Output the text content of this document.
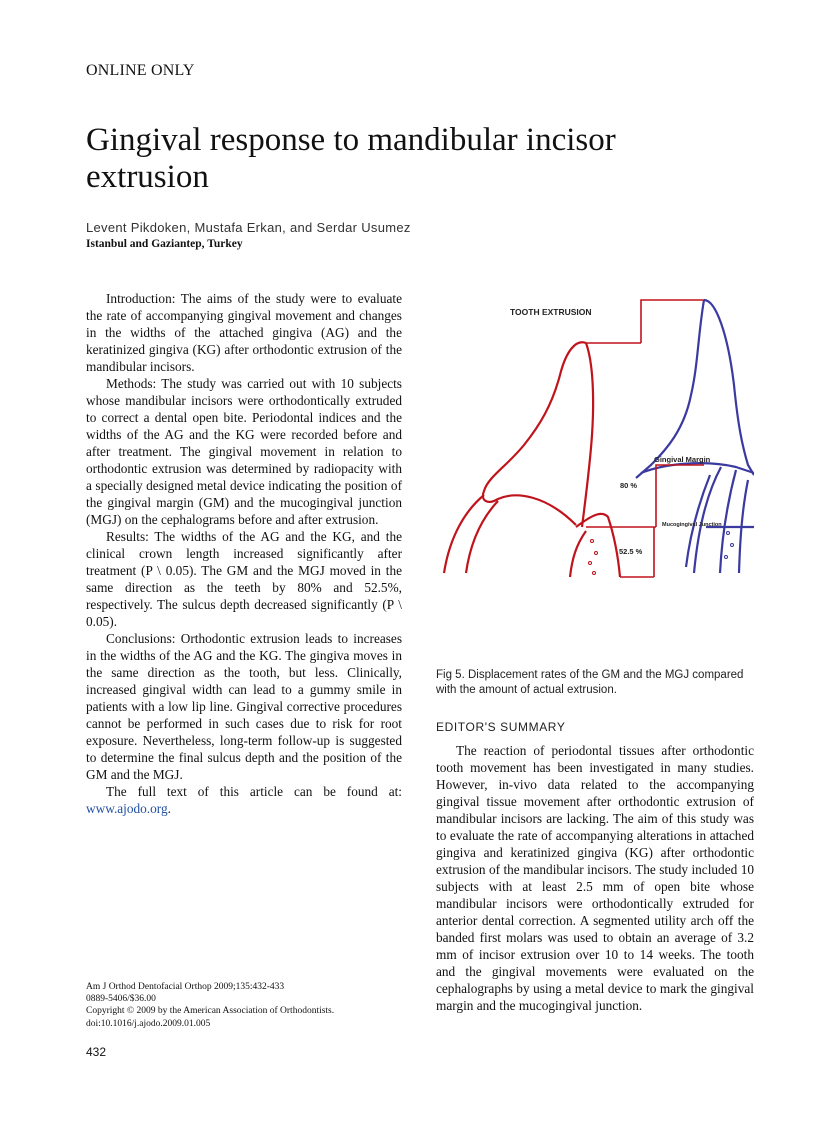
ONLINE ONLY
Gingival response to mandibular incisor extrusion
Levent Pikdoken, Mustafa Erkan, and Serdar Usumez
Istanbul and Gaziantep, Turkey

Introduction: The aims of the study were to evaluate the rate of accompanying gingival movement and changes in the widths of the attached gingiva (AG) and the keratinized gingiva (KG) after orthodontic extrusion of the mandibular incisors.

Methods: The study was carried out with 10 subjects whose mandibular incisors were orthodontically extruded to correct a dental open bite. Periodontal indices and the widths of the AG and the KG were recorded before and after treatment. The gingival movement in relation to orthodontic extrusion was determined by radiopacity with a specially designed metal device indicating the position of the gingival margin (GM) and the mucogingival junction (MGJ) on the cephalograms before and after extrusion.

Results: The widths of the AG and the KG, and the clinical crown length increased significantly after treatment (P \ 0.05). The GM and the MGJ moved in the same direction as the teeth by 80% and 52.5%, respectively. The sulcus depth decreased significantly (P \ 0.05).

Conclusions: Orthodontic extrusion leads to increases in the widths of the AG and the KG. The gingiva moves in the same direction as the tooth, but less. Clinically, increased gingival width can lead to a gummy smile in patients with a low lip line. Gingival corrective procedures cannot be performed in such cases due to risk for root exposure. Nevertheless, long-term follow-up is suggested to determine the final sulcus depth and the position of the GM and the MGJ.

The full text of this article can be found at: www.ajodo.org.

TOOTH EXTRUSION
Gingival Margin
Mucogingival Junction
80 %
52.5 %
Fig 5. Displacement rates of the GM and the MGJ compared with the amount of actual extrusion.
EDITOR'S SUMMARY

The reaction of periodontal tissues after orthodontic tooth movement has been investigated in many studies. However, in-vivo data related to the accompanying gingival tissue movement after orthodontic extrusion of mandibular incisors are lacking. The aim of this study was to evaluate the rate of accompanying alterations in attached gingiva and keratinized gingiva (KG) after orthodontic extrusion of the mandibular incisors. The study included 10 subjects with at least 2.5 mm of open bite whose mandibular incisors were orthodontically extruded for anterior dental correction. A segmented utility arch off the banded first molars was used to obtain an average of 3.2 mm of incisor extrusion over 10 to 14 weeks. The tooth and the gingival movements were evaluated on the cephalographs by using a metal device to mark the gingival margin and the mucogingival junction.

Am J Orthod Dentofacial Orthop 2009;135:432-433
0889-5406/$36.00
Copyright © 2009 by the American Association of Orthodontists.
doi:10.1016/j.ajodo.2009.01.005
432
